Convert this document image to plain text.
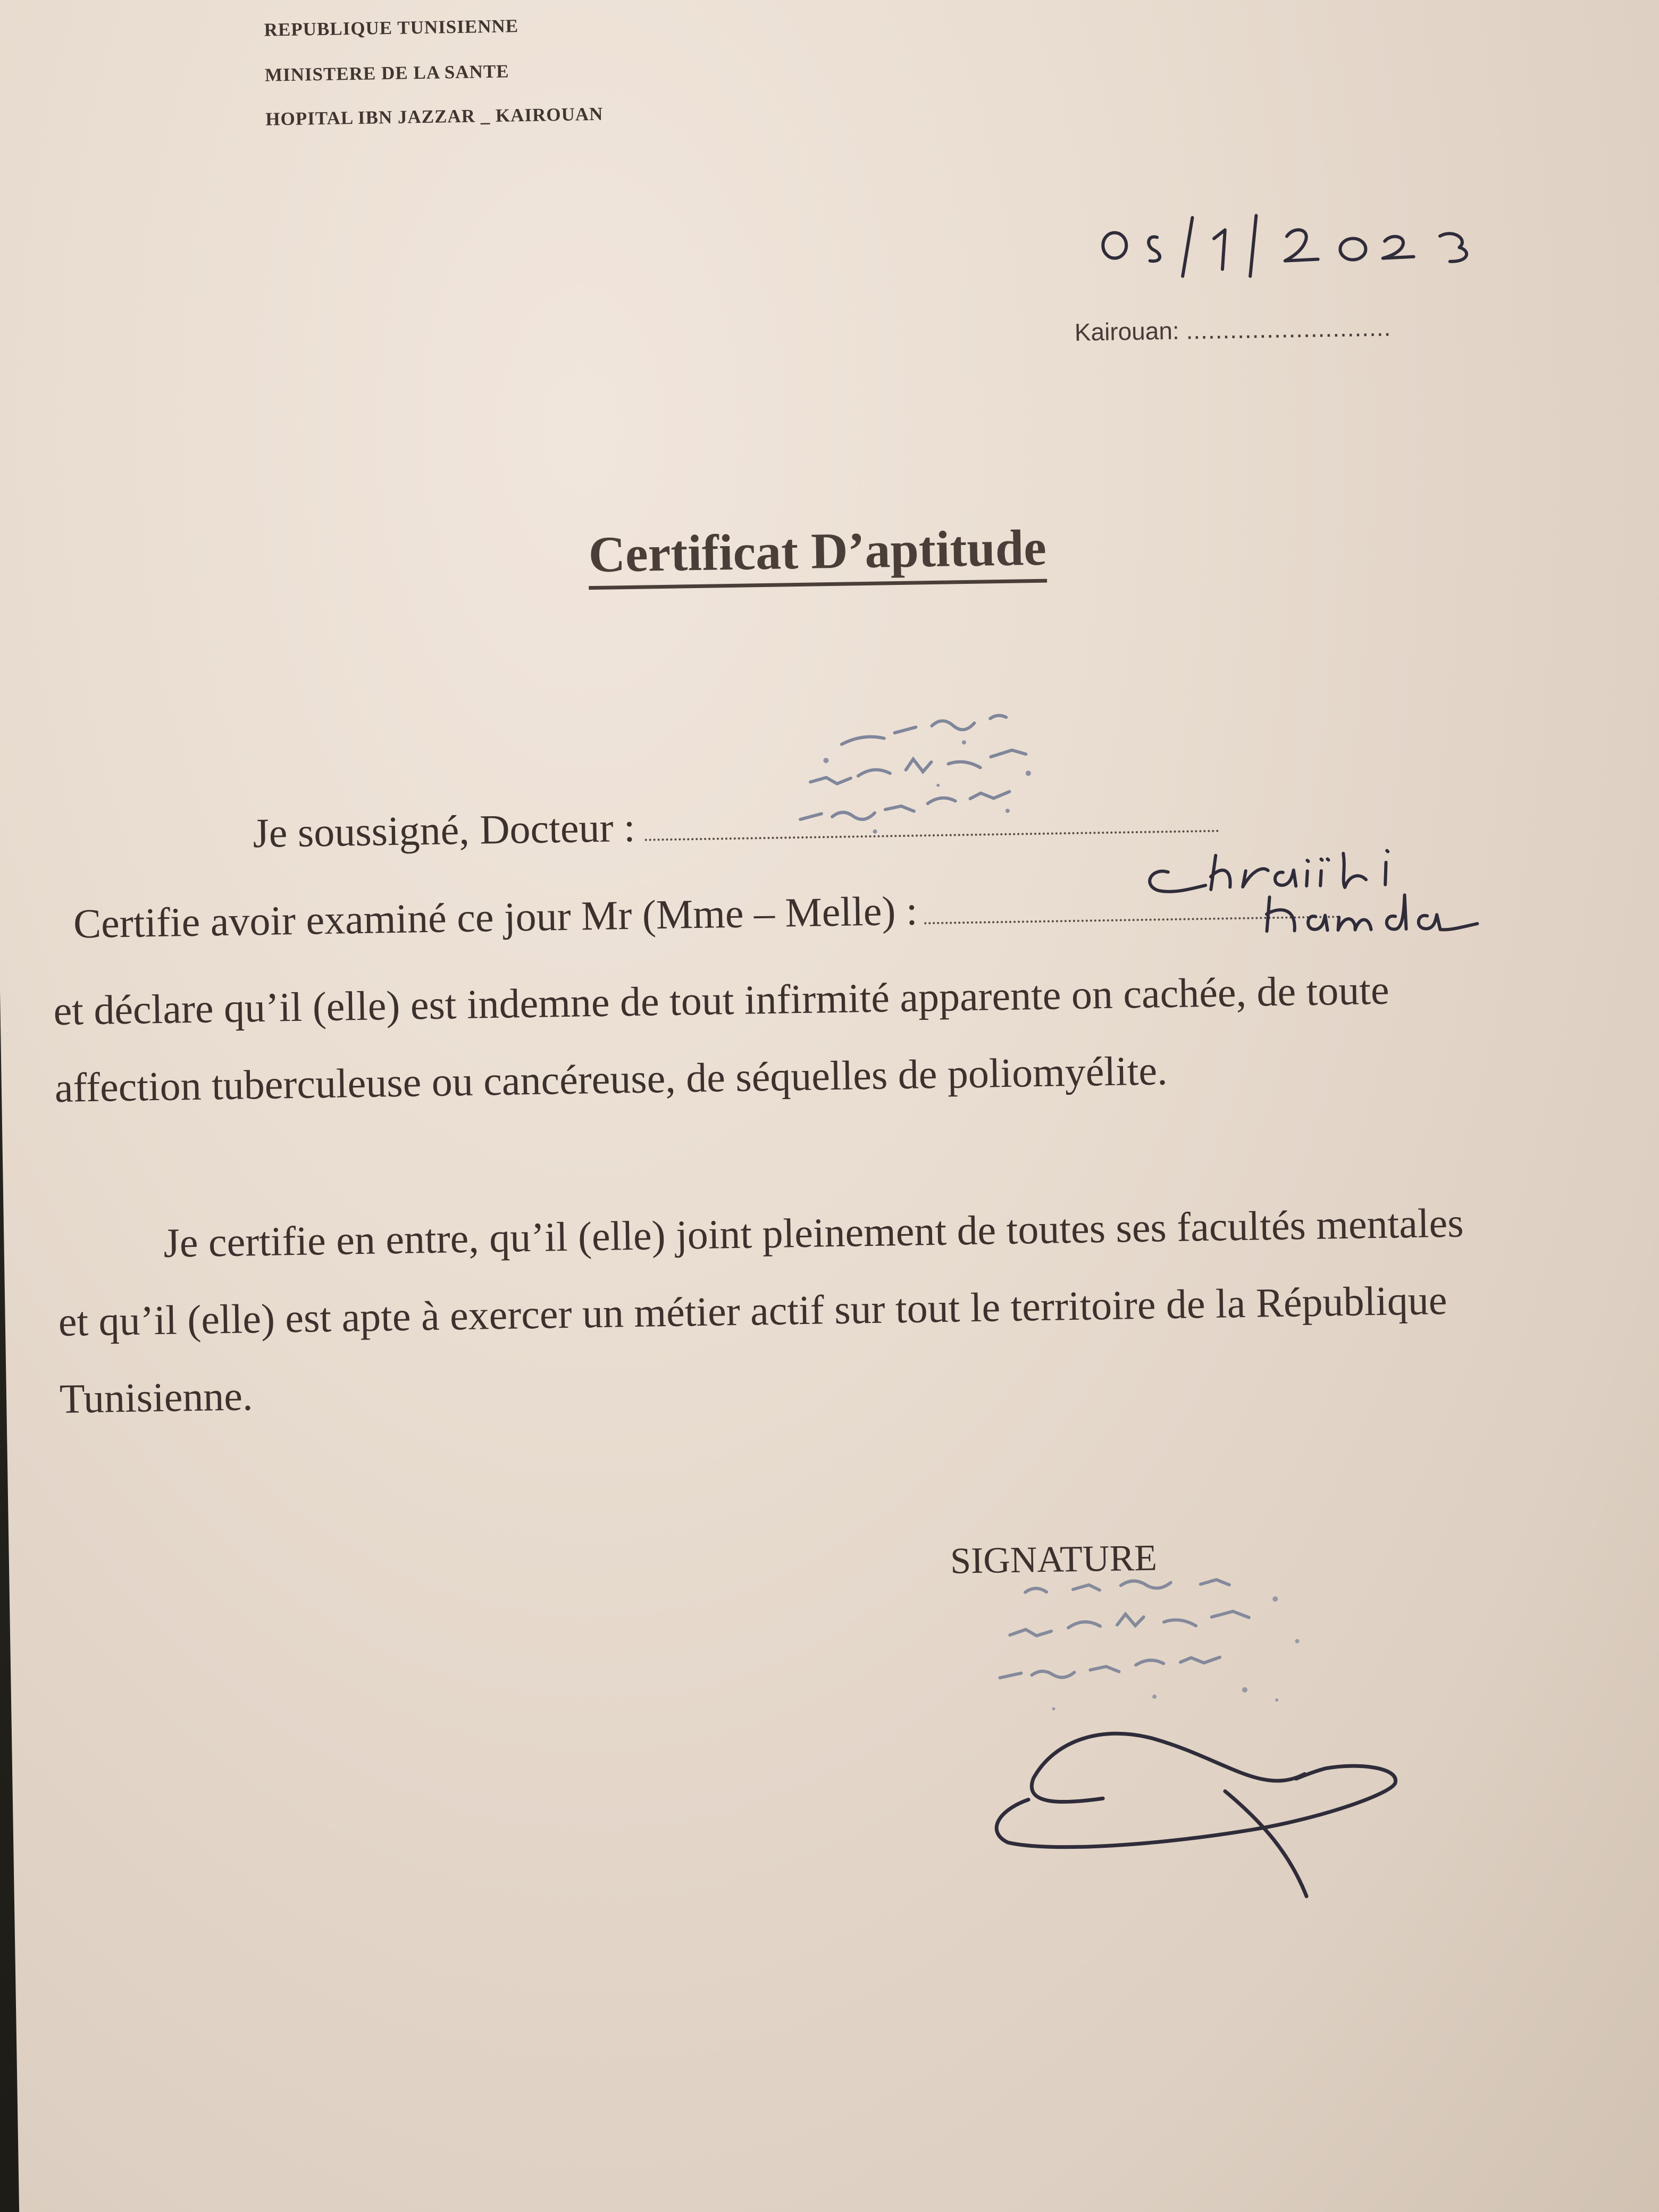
REPUBLIQUE TUNISIENNE
MINISTERE DE LA SANTE
HOPITAL IBN JAZZAR _ KAIROUAN
Kairouan: ............................
Certificat D’aptitude
Je soussigné, Docteur :
Certifie avoir examiné ce jour Mr (Mme – Melle) :
et déclare qu’il (elle) est indemne de tout infirmité apparente on cachée, de toute affection tuberculeuse ou cancéreuse, de séquelles de poliomyélite.
Je certifie en entre, qu’il (elle) joint pleinement de toutes ses facultés mentales et qu’il (elle) est apte à exercer un métier actif sur tout le territoire de la République Tunisienne.
SIGNATURE
